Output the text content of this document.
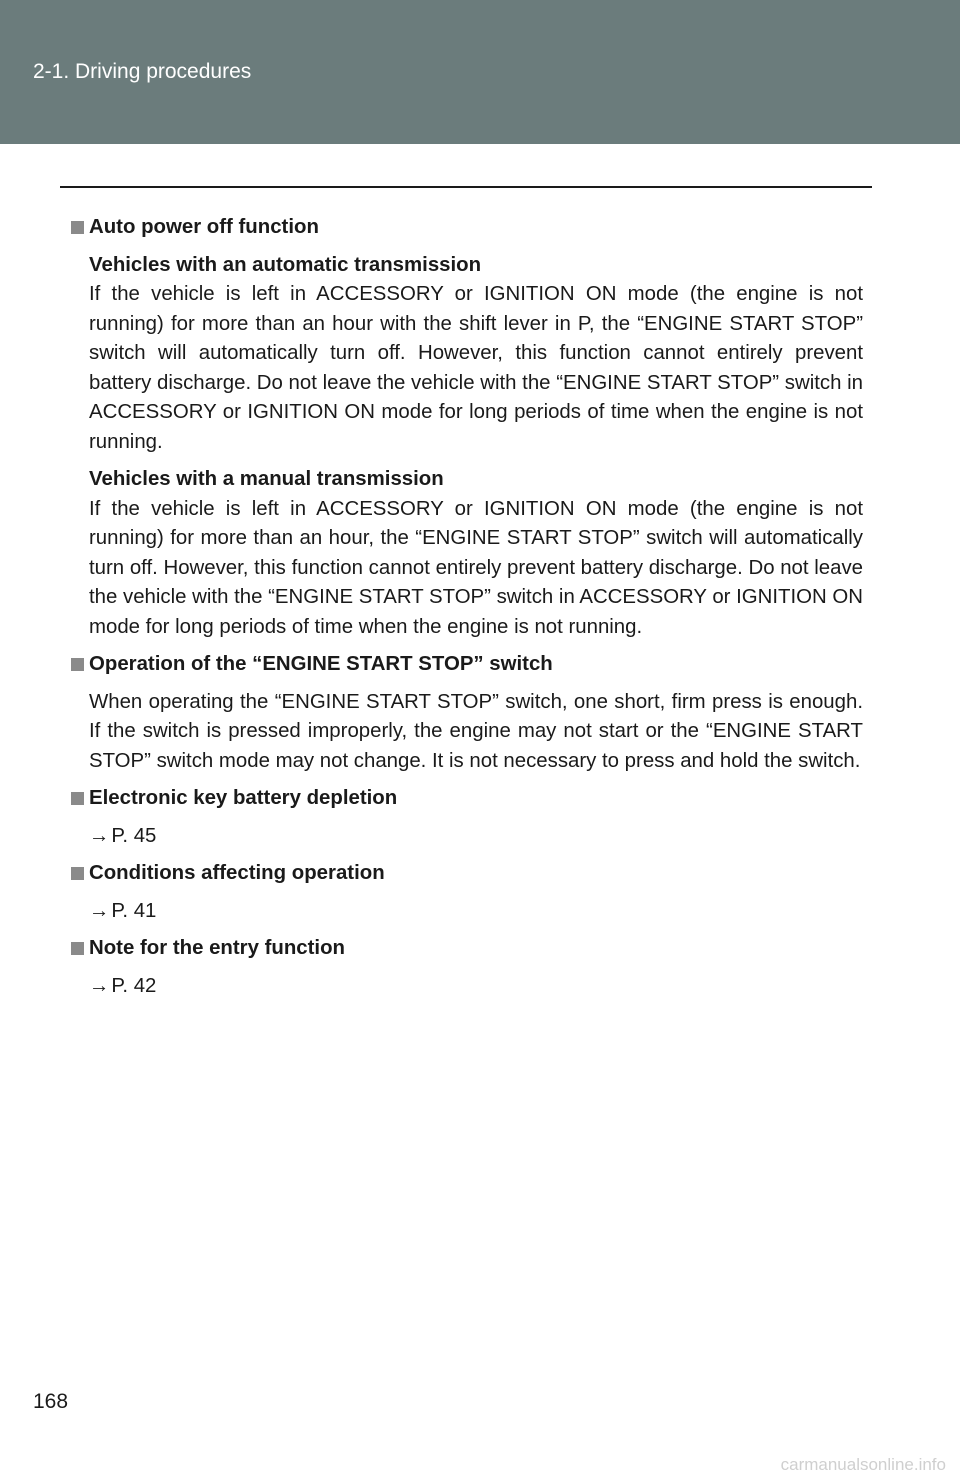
2-1. Driving procedures
Auto power off function
Vehicles with an automatic transmission
If the vehicle is left in ACCESSORY or IGNITION ON mode (the engine is not running) for more than an hour with the shift lever in P, the “ENGINE START STOP” switch will automatically turn off. However, this function cannot entirely prevent battery discharge. Do not leave the vehicle with the “ENGINE START STOP” switch in ACCESSORY or IGNITION ON mode for long periods of time when the engine is not running.
Vehicles with a manual transmission
If the vehicle is left in ACCESSORY or IGNITION ON mode (the engine is not running) for more than an hour, the “ENGINE START STOP” switch will automatically turn off. However, this function cannot entirely prevent battery discharge. Do not leave the vehicle with the “ENGINE START STOP” switch in ACCESSORY or IGNITION ON mode for long periods of time when the engine is not running.
Operation of the “ENGINE START STOP” switch
When operating the “ENGINE START STOP” switch, one short, firm press is enough. If the switch is pressed improperly, the engine may not start or the “ENGINE START STOP” switch mode may not change. It is not necessary to press and hold the switch.
Electronic key battery depletion
→P. 45
Conditions affecting operation
→P. 41
Note for the entry function
→P. 42
168
carmanualsonline.info
